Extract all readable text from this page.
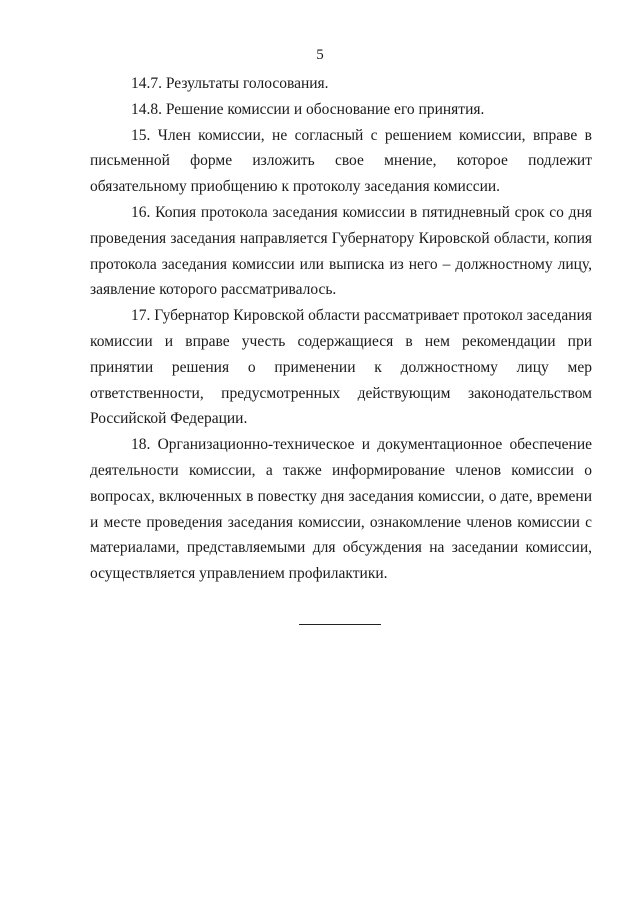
5

14.7. Результаты голосования.

14.8. Решение комиссии и обоснование его принятия.

15. Член комиссии, не согласный с решением комиссии, вправе в письменной форме изложить свое мнение, которое подлежит обязательному приобщению к протоколу заседания комиссии.

16. Копия протокола заседания комиссии в пятидневный срок со дня проведения заседания направляется Губернатору Кировской области, копия протокола заседания комиссии или выписка из него – должностному лицу, заявление которого рассматривалось.

17. Губернатор Кировской области рассматривает протокол заседания комиссии и вправе учесть содержащиеся в нем рекомендации при принятии решения о применении к должностному лицу мер ответственности, предусмотренных действующим законодательством Российской Федерации.

18. Организационно-техническое и документационное обеспечение деятельности комиссии, а также информирование членов комиссии о вопросах, включенных в повестку дня заседания комиссии, о дате, времени и месте проведения заседания комиссии, ознакомление членов комиссии с материалами, представляемыми для обсуждения на заседании комиссии, осуществляется управлением профилактики.
